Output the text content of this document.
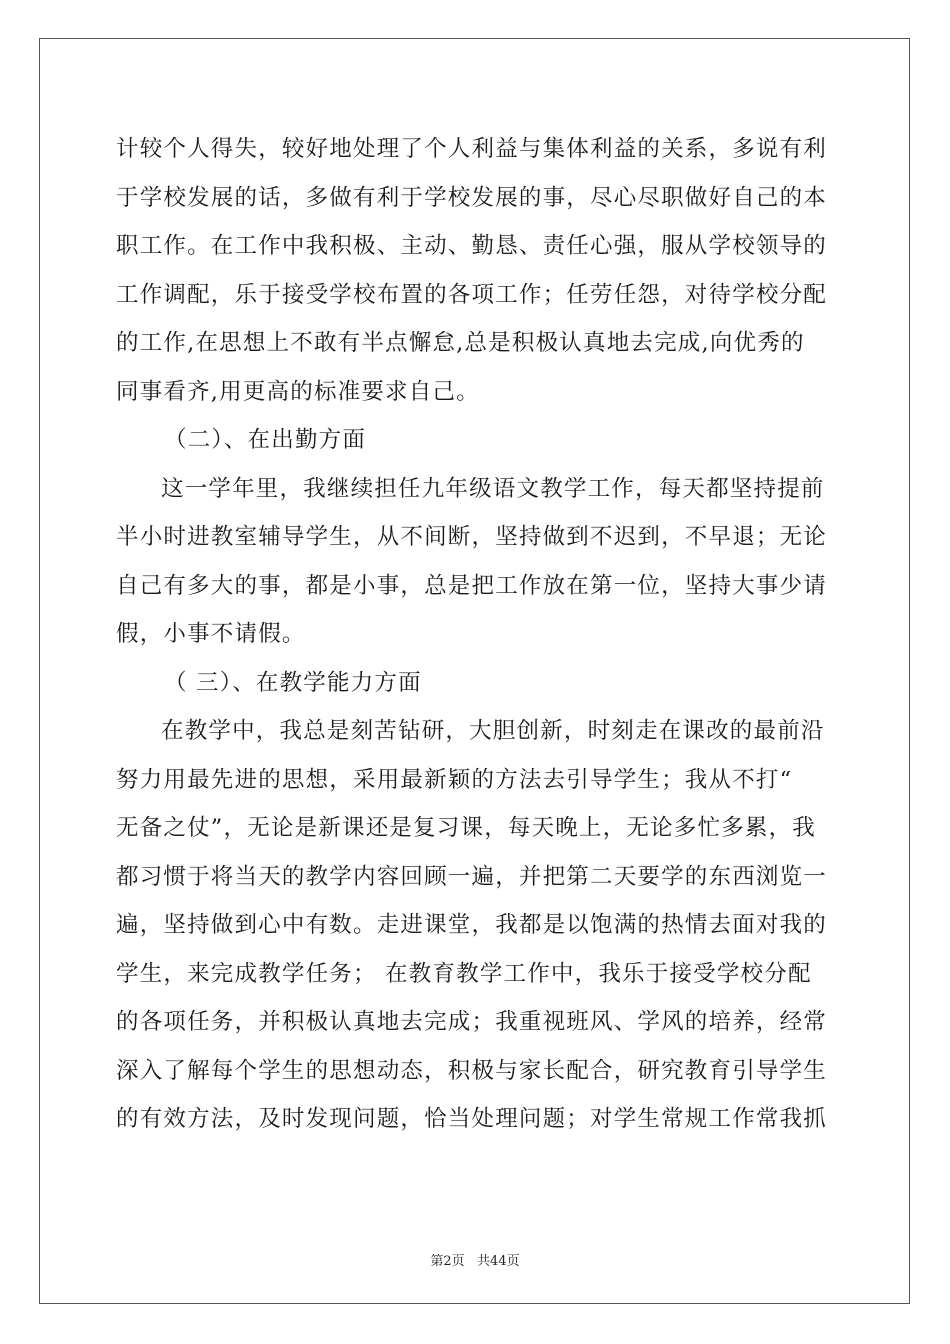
计较个人得失，较好地处理了个人利益与集体利益的关系，多说有利
于学校发展的话，多做有利于学校发展的事，尽心尽职做好自己的本
职工作。在工作中我积极、主动、勤恳、责任心强，服从学校领导的
工作调配，乐于接受学校布置的各项工作；任劳任怨，对待学校分配
的工作,在思想上不敢有半点懈怠,总是积极认真地去完成,向优秀的
同事看齐,用更高的标准要求自己。
（二）、在出勤方面
这一学年里，我继续担任九年级语文教学工作，每天都坚持提前
半小时进教室辅导学生，从不间断，坚持做到不迟到，不早退；无论
自己有多大的事，都是小事，总是把工作放在第一位，坚持大事少请
假，小事不请假。
（ 三）、在教学能力方面
在教学中，我总是刻苦钻研，大胆创新，时刻走在课改的最前沿
努力用最先进的思想，采用最新颖的方法去引导学生；我从不打“
无备之仗”，无论是新课还是复习课，每天晚上，无论多忙多累，我
都习惯于将当天的教学内容回顾一遍，并把第二天要学的东西浏览一
遍，坚持做到心中有数。走进课堂，我都是以饱满的热情去面对我的
学生，来完成教学任务； 在教育教学工作中，我乐于接受学校分配
的各项任务，并积极认真地去完成；我重视班风、学风的培养，经常
深入了解每个学生的思想动态，积极与家长配合，研究教育引导学生
的有效方法，及时发现问题，恰当处理问题；对学生常规工作常我抓
第2页   共44页
